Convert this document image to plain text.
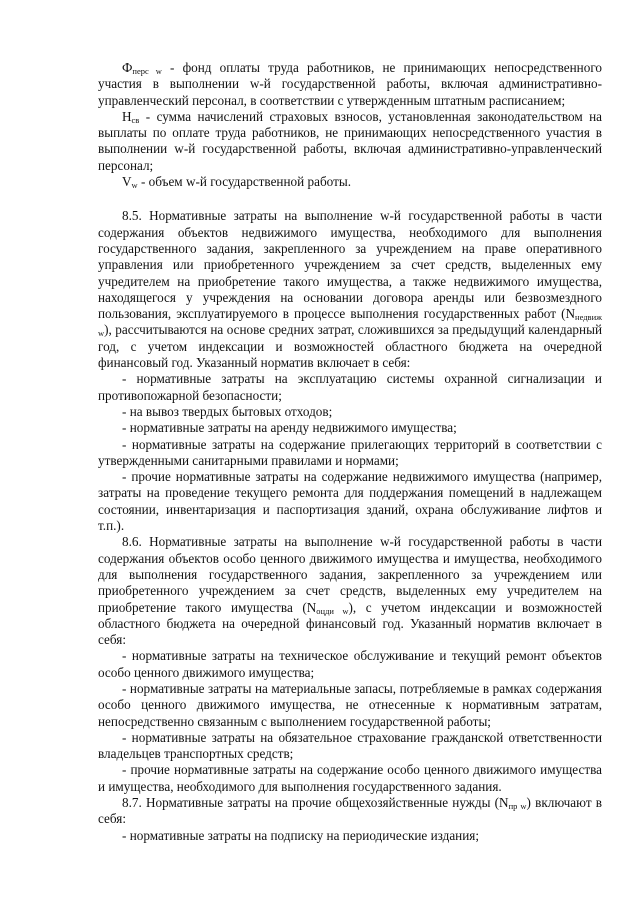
$Ф_{перс w}$ - фонд оплаты труда работников, не принимающих непосредственного участия в выполнении w-й государственной работы, включая административно-управленческий персонал, в соответствии с утвержденным штатным расписанием;

$Н_{св}$ - сумма начислений страховых взносов, установленная законодательством на выплаты по оплате труда работников, не принимающих непосредственного участия в выполнении w-й государственной работы, включая административно-управленческий персонал;

$V_w$ - объем w-й государственной работы.

8.5. Нормативные затраты на выполнение w-й государственной работы в части содержания объектов недвижимого имущества, необходимого для выполнения государственного задания, закрепленного за учреждением на праве оперативного управления или приобретенного учреждением за счет средств, выделенных ему учредителем на приобретение такого имущества, а также недвижимого имущества, находящегося у учреждения на основании договора аренды или безвозмездного пользования, эксплуатируемого в процессе выполнения государственных работ $(N_{недвиж w})$, рассчитываются на основе средних затрат, сложившихся за предыдущий календарный год, с учетом индексации и возможностей областного бюджета на очередной финансовый год. Указанный норматив включает в себя:

- нормативные затраты на эксплуатацию системы охранной сигнализации и противопожарной безопасности;

- на вывоз твердых бытовых отходов;

- нормативные затраты на аренду недвижимого имущества;

- нормативные затраты на содержание прилегающих территорий в соответствии с утвержденными санитарными правилами и нормами;

- прочие нормативные затраты на содержание недвижимого имущества (например, затраты на проведение текущего ремонта для поддержания помещений в надлежащем состоянии, инвентаризация и паспортизация зданий, охрана обслуживание лифтов и т.п.).

8.6. Нормативные затраты на выполнение w-й государственной работы в части содержания объектов особо ценного движимого имущества и имущества, необходимого для выполнения государственного задания, закрепленного за учреждением или приобретенного учреждением за счет средств, выделенных ему учредителем на приобретение такого имущества $(N_{оцди w})$, с учетом индексации и возможностей областного бюджета на очередной финансовый год. Указанный норматив включает в себя:

- нормативные затраты на техническое обслуживание и текущий ремонт объектов особо ценного движимого имущества;

- нормативные затраты на материальные запасы, потребляемые в рамках содержания особо ценного движимого имущества, не отнесенные к нормативным затратам, непосредственно связанным с выполнением государственной работы;

- нормативные затраты на обязательное страхование гражданской ответственности владельцев транспортных средств;

- прочие нормативные затраты на содержание особо ценного движимого имущества и имущества, необходимого для выполнения государственного задания.

8.7. Нормативные затраты на прочие общехозяйственные нужды $(N_{пр w})$ включают в себя:

- нормативные затраты на подписку на периодические издания;
